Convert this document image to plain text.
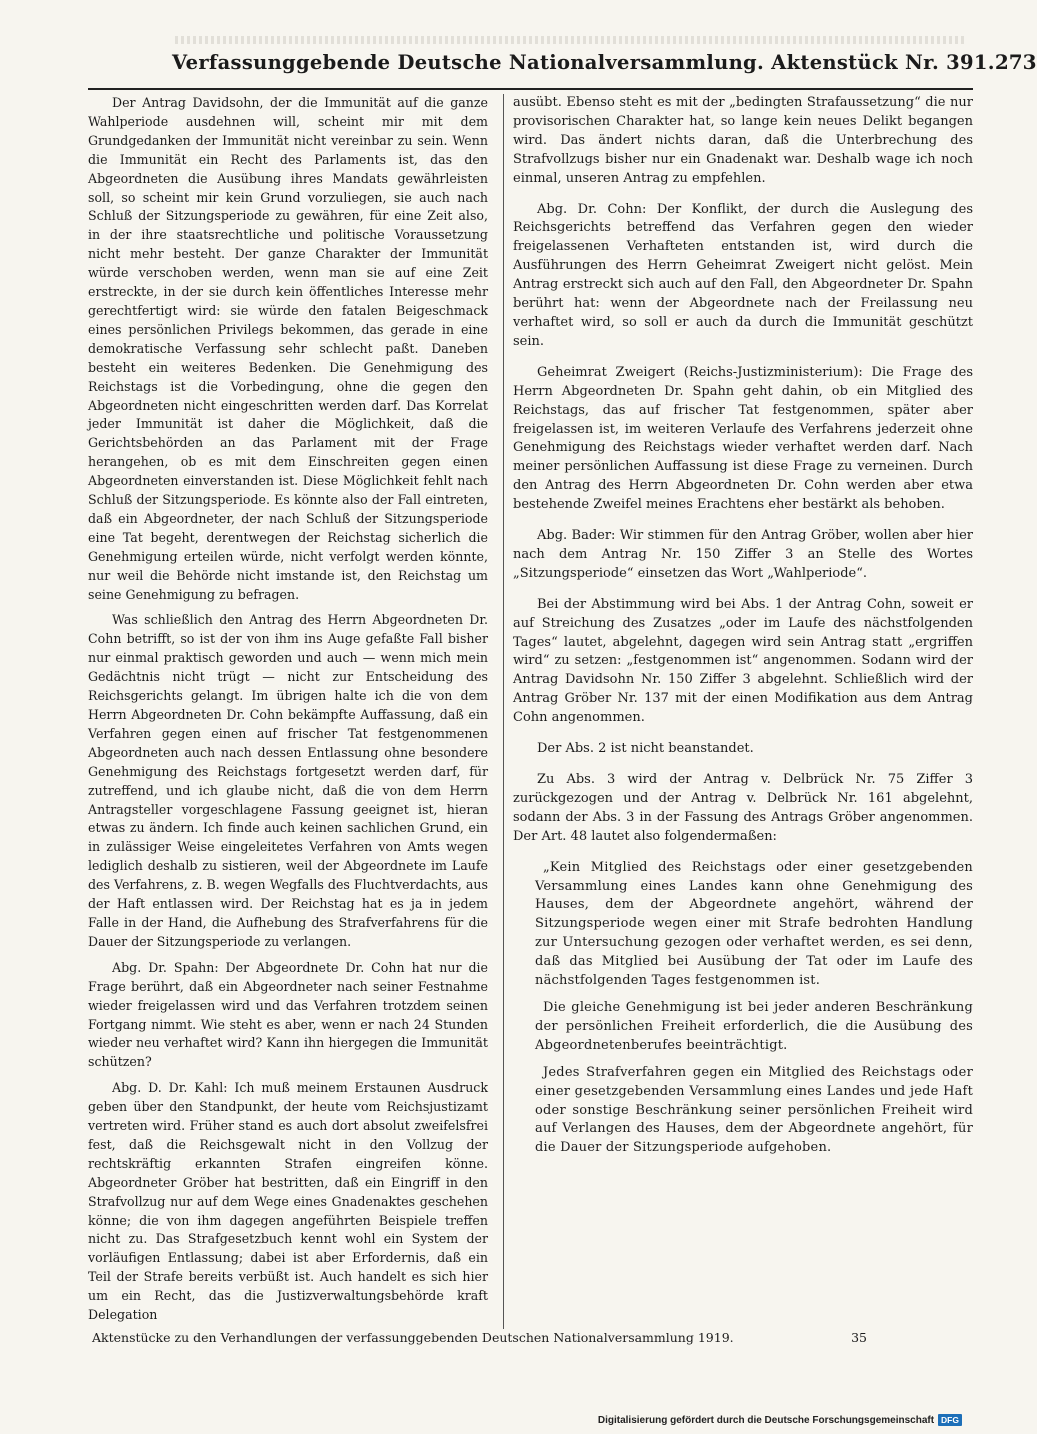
Verfassunggebende Deutsche Nationalversammlung. Aktenstück Nr. 391. 273

Der Antrag Davidsohn, der die Immunität auf die ganze Wahlperiode ausdehnen will, scheint mir mit dem Grundgedanken der Immunität nicht vereinbar zu sein. Wenn die Immunität ein Recht des Parlaments ist, das den Abgeordneten die Ausübung ihres Mandats gewährleisten soll, so scheint mir kein Grund vorzuliegen, sie auch nach Schluß der Sitzungsperiode zu gewähren, für eine Zeit also, in der ihre staatsrechtliche und politische Voraussetzung nicht mehr besteht. Der ganze Charakter der Immunität würde verschoben werden, wenn man sie auf eine Zeit erstreckte, in der sie durch kein öffentliches Interesse mehr gerechtfertigt wird: sie würde den fatalen Beigeschmack eines persönlichen Privilegs bekommen, das gerade in eine demokratische Verfassung sehr schlecht paßt. Daneben besteht ein weiteres Bedenken. Die Genehmigung des Reichstags ist die Vorbedingung, ohne die gegen den Abgeordneten nicht eingeschritten werden darf. Das Korrelat jeder Immunität ist daher die Möglichkeit, daß die Gerichtsbehörden an das Parlament mit der Frage herangehen, ob es mit dem Einschreiten gegen einen Abgeordneten einverstanden ist. Diese Möglichkeit fehlt nach Schluß der Sitzungsperiode. Es könnte also der Fall eintreten, daß ein Abgeordneter, der nach Schluß der Sitzungsperiode eine Tat begeht, derentwegen der Reichstag sicherlich die Genehmigung erteilen würde, nicht verfolgt werden könnte, nur weil die Behörde nicht imstande ist, den Reichstag um seine Genehmigung zu befragen.

Was schließlich den Antrag des Herrn Abgeordneten Dr. Cohn betrifft, so ist der von ihm ins Auge gefaßte Fall bisher nur einmal praktisch geworden und auch — wenn mich mein Gedächtnis nicht trügt — nicht zur Entscheidung des Reichsgerichts gelangt. Im übrigen halte ich die von dem Herrn Abgeordneten Dr. Cohn bekämpfte Auffassung, daß ein Verfahren gegen einen auf frischer Tat festgenommenen Abgeordneten auch nach dessen Entlassung ohne besondere Genehmigung des Reichstags fortgesetzt werden darf, für zutreffend, und ich glaube nicht, daß die von dem Herrn Antragsteller vorgeschlagene Fassung geeignet ist, hieran etwas zu ändern. Ich finde auch keinen sachlichen Grund, ein in zulässiger Weise eingeleitetes Verfahren von Amts wegen lediglich deshalb zu sistieren, weil der Abgeordnete im Laufe des Verfahrens, z. B. wegen Wegfalls des Fluchtverdachts, aus der Haft entlassen wird. Der Reichstag hat es ja in jedem Falle in der Hand, die Aufhebung des Strafverfahrens für die Dauer der Sitzungsperiode zu verlangen.

Abg. Dr. Spahn: Der Abgeordnete Dr. Cohn hat nur die Frage berührt, daß ein Abgeordneter nach seiner Festnahme wieder freigelassen wird und das Verfahren trotzdem seinen Fortgang nimmt. Wie steht es aber, wenn er nach 24 Stunden wieder neu verhaftet wird? Kann ihn hiergegen die Immunität schützen?

Abg. D. Dr. Kahl: Ich muß meinem Erstaunen Ausdruck geben über den Standpunkt, der heute vom Reichsjustizamt vertreten wird. Früher stand es auch dort absolut zweifelsfrei fest, daß die Reichsgewalt nicht in den Vollzug der rechtskräftig erkannten Strafen eingreifen könne. Abgeordneter Gröber hat bestritten, daß ein Eingriff in den Strafvollzug nur auf dem Wege eines Gnadenaktes geschehen könne; die von ihm dagegen angeführten Beispiele treffen nicht zu. Das Strafgesetzbuch kennt wohl ein System der vorläufigen Entlassung; dabei ist aber Erfordernis, daß ein Teil der Strafe bereits verbüßt ist. Auch handelt es sich hier um ein Recht, das die Justizverwaltungsbehörde kraft Delegation

ausübt. Ebenso steht es mit der „bedingten Strafaussetzung“ die nur provisorischen Charakter hat, so lange kein neues Delikt begangen wird. Das ändert nichts daran, daß die Unterbrechung des Strafvollzugs bisher nur ein Gnadenakt war. Deshalb wage ich noch einmal, unseren Antrag zu empfehlen.

Abg. Dr. Cohn: Der Konflikt, der durch die Auslegung des Reichsgerichts betreffend das Verfahren gegen den wieder freigelassenen Verhafteten entstanden ist, wird durch die Ausführungen des Herrn Geheimrat Zweigert nicht gelöst. Mein Antrag erstreckt sich auch auf den Fall, den Abgeordneter Dr. Spahn berührt hat: wenn der Abgeordnete nach der Freilassung neu verhaftet wird, so soll er auch da durch die Immunität geschützt sein.

Geheimrat Zweigert (Reichs-Justizministerium): Die Frage des Herrn Abgeordneten Dr. Spahn geht dahin, ob ein Mitglied des Reichstags, das auf frischer Tat festgenommen, später aber freigelassen ist, im weiteren Verlaufe des Verfahrens jederzeit ohne Genehmigung des Reichstags wieder verhaftet werden darf. Nach meiner persönlichen Auffassung ist diese Frage zu verneinen. Durch den Antrag des Herrn Abgeordneten Dr. Cohn werden aber etwa bestehende Zweifel meines Erachtens eher bestärkt als behoben.

Abg. Bader: Wir stimmen für den Antrag Gröber, wollen aber hier nach dem Antrag Nr. 150 Ziffer 3 an Stelle des Wortes „Sitzungsperiode“ einsetzen das Wort „Wahlperiode“.

Bei der Abstimmung wird bei Abs. 1 der Antrag Cohn, soweit er auf Streichung des Zusatzes „oder im Laufe des nächstfolgenden Tages“ lautet, abgelehnt, dagegen wird sein Antrag statt „ergriffen wird“ zu setzen: „festgenommen ist“ angenommen. Sodann wird der Antrag Davidsohn Nr. 150 Ziffer 3 abgelehnt. Schließlich wird der Antrag Gröber Nr. 137 mit der einen Modifikation aus dem Antrag Cohn angenommen.

Der Abs. 2 ist nicht beanstandet.

Zu Abs. 3 wird der Antrag v. Delbrück Nr. 75 Ziffer 3 zurückgezogen und der Antrag v. Delbrück Nr. 161 abgelehnt, sodann der Abs. 3 in der Fassung des Antrags Gröber angenommen. Der Art. 48 lautet also folgendermaßen:

„Kein Mitglied des Reichstags oder einer gesetzgebenden Versammlung eines Landes kann ohne Genehmigung des Hauses, dem der Abgeordnete angehört, während der Sitzungsperiode wegen einer mit Strafe bedrohten Handlung zur Untersuchung gezogen oder verhaftet werden, es sei denn, daß das Mitglied bei Ausübung der Tat oder im Laufe des nächstfolgenden Tages festgenommen ist.

Die gleiche Genehmigung ist bei jeder anderen Beschränkung der persönlichen Freiheit erforderlich, die die Ausübung des Abgeordnetenberufes beeinträchtigt.

Jedes Strafverfahren gegen ein Mitglied des Reichstags oder einer gesetzgebenden Versammlung eines Landes und jede Haft oder sonstige Beschränkung seiner persönlichen Freiheit wird auf Verlangen des Hauses, dem der Abgeordnete angehört, für die Dauer der Sitzungsperiode aufgehoben.

Aktenstücke zu den Verhandlungen der verfassunggebenden Deutschen Nationalversammlung 1919.	35
Digitalisierung gefördert durch die Deutsche Forschungsgemeinschaft DFG
